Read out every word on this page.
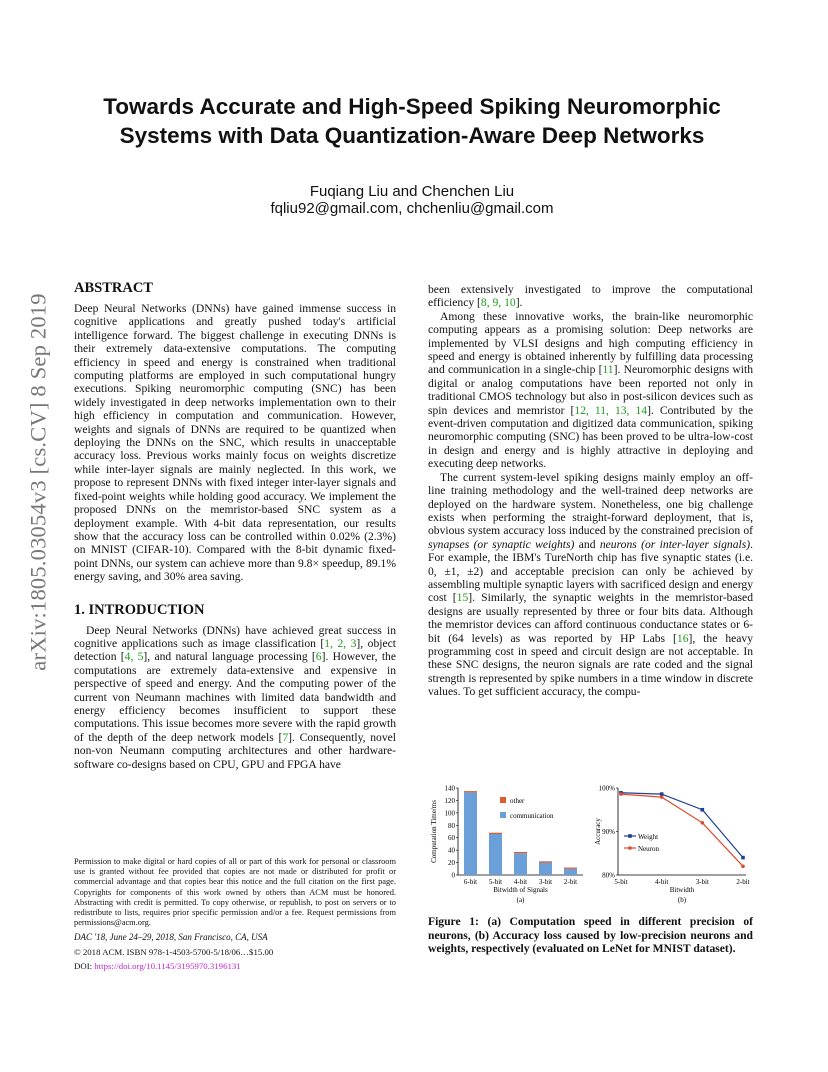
arXiv:1805.03054v3 [cs.CV] 8 Sep 2019
Towards Accurate and High-Speed Spiking Neuromorphic Systems with Data Quantization-Aware Deep Networks
Fuqiang Liu and Chenchen Liu
fqliu92@gmail.com, chchenliu@gmail.com
ABSTRACT

Deep Neural Networks (DNNs) have gained immense success in cognitive applications and greatly pushed today's artificial intelligence forward. The biggest challenge in executing DNNs is their extremely data-extensive computations. The computing efficiency in speed and energy is constrained when traditional computing platforms are employed in such computational hungry executions. Spiking neuromorphic computing (SNC) has been widely investigated in deep networks implementation own to their high efficiency in computation and communication. However, weights and signals of DNNs are required to be quantized when deploying the DNNs on the SNC, which results in unacceptable accuracy loss. Previous works mainly focus on weights discretize while inter-layer signals are mainly neglected. In this work, we propose to represent DNNs with fixed integer inter-layer signals and fixed-point weights while holding good accuracy. We implement the proposed DNNs on the memristor-based SNC system as a deployment example. With 4-bit data representation, our results show that the accuracy loss can be controlled within 0.02% (2.3%) on MNIST (CIFAR-10). Compared with the 8-bit dynamic fixed-point DNNs, our system can achieve more than 9.8× speedup, 89.1% energy saving, and 30% area saving.

1. INTRODUCTION

Deep Neural Networks (DNNs) have achieved great success in cognitive applications such as image classification [1, 2, 3], object detection [4, 5], and natural language processing [6]. However, the computations are extremely data-extensive and expensive in perspective of speed and energy. And the computing power of the current von Neumann machines with limited data bandwidth and energy efficiency becomes insufficient to support these computations. This issue becomes more severe with the rapid growth of the depth of the deep network models [7]. Consequently, novel non-von Neumann computing architectures and other hardware-software co-designs based on CPU, GPU and FPGA have

Permission to make digital or hard copies of all or part of this work for personal or classroom use is granted without fee provided that copies are not made or distributed for profit or commercial advantage and that copies bear this notice and the full citation on the first page. Copyrights for components of this work owned by others than ACM must be honored. Abstracting with credit is permitted. To copy otherwise, or republish, to post on servers or to redistribute to lists, requires prior specific permission and/or a fee. Request permissions from permissions@acm.org.

DAC '18, June 24–29, 2018, San Francisco, CA, USA

© 2018 ACM. ISBN 978-1-4503-5700-5/18/06…$15.00

DOI: https://doi.org/10.1145/3195970.3196131

been extensively investigated to improve the computational efficiency [8, 9, 10].

Among these innovative works, the brain-like neuromorphic computing appears as a promising solution: Deep networks are implemented by VLSI designs and high computing efficiency in speed and energy is obtained inherently by fulfilling data processing and communication in a single-chip [11]. Neuromorphic designs with digital or analog computations have been reported not only in traditional CMOS technology but also in post-silicon devices such as spin devices and memristor [12, 11, 13, 14]. Contributed by the event-driven computation and digitized data communication, spiking neuromorphic computing (SNC) has been proved to be ultra-low-cost in design and energy and is highly attractive in deploying and executing deep networks.

The current system-level spiking designs mainly employ an off-line training methodology and the well-trained deep networks are deployed on the hardware system. Nonetheless, one big challenge exists when performing the straight-forward deployment, that is, obvious system accuracy loss induced by the constrained precision of synapses (or synaptic weights) and neurons (or inter-layer signals). For example, the IBM's TureNorth chip has five synaptic states (i.e. 0, ±1, ±2) and acceptable precision can only be achieved by assembling multiple synaptic layers with sacrificed design and energy cost [15]. Similarly, the synaptic weights in the memristor-based designs are usually represented by three or four bits data. Although the memristor devices can afford continuous conductance states or 6-bit (64 levels) as was reported by HP Labs [16], the heavy programming cost in speed and circuit design are not acceptable. In these SNC designs, the neuron signals are rate coded and the signal strength is represented by spike numbers in a time window in discrete values. To get sufficient accuracy, the compu-

0
20
40
60
80
100
120
140
6-bit 5-bit 4-bit 3-bit 2-bit
Bitwidth of Signals
Computation Time/ms
(a)
other
communication
80%
90%
100%
5-bit	4-bit	3-bit	2-bit
Bitwidth
Accuracy
(b)
Weight
Neuron

Figure 1: (a) Computation speed in different precision of neurons, (b) Accuracy loss caused by low-precision neurons and weights, respectively (evaluated on LeNet for MNIST dataset).
